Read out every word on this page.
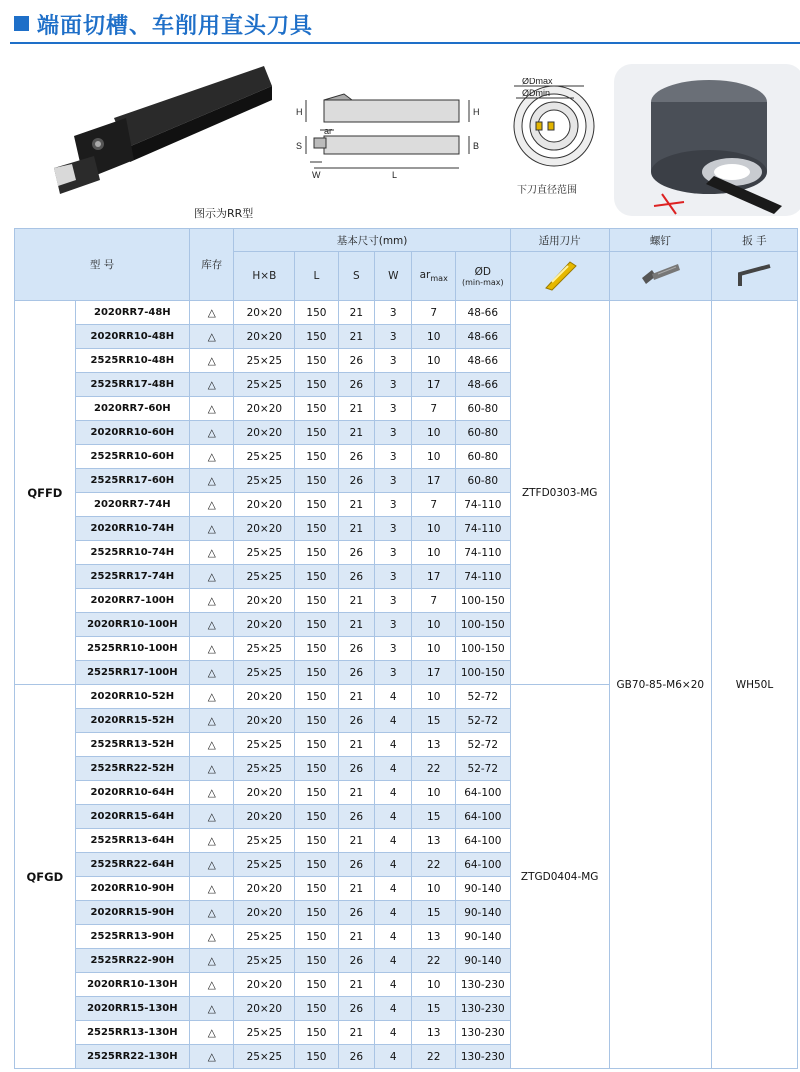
端面切槽、车削用直头刀具
图示为RR型
H	H
S	B
W	L
ar
ØDmax
ØDmin
下刀直径范围
型 号		库存	基本尺寸(mm)						适用刀片	螺钉	扳 手
			H×B	L	S	W	$ar_{max}$	ØD
(min-max)

QFFD	2020RR7-48H	△	20×20	150	21	3	7	48-66	ZTFD0303-MG	GB70-85-M6×20	WH50L
	2020RR10-48H	△	20×20	150	21	3	10	48-66			
	2525RR10-48H	△	25×25	150	26	3	10	48-66			
	2525RR17-48H	△	25×25	150	26	3	17	48-66			
	2020RR7-60H	△	20×20	150	21	3	7	60-80			
	2020RR10-60H	△	20×20	150	21	3	10	60-80			
	2525RR10-60H	△	25×25	150	26	3	10	60-80			
	2525RR17-60H	△	25×25	150	26	3	17	60-80			
	2020RR7-74H	△	20×20	150	21	3	7	74-110			
	2020RR10-74H	△	20×20	150	21	3	10	74-110			
	2525RR10-74H	△	25×25	150	26	3	10	74-110			
	2525RR17-74H	△	25×25	150	26	3	17	74-110			
	2020RR7-100H	△	20×20	150	21	3	7	100-150			
	2020RR10-100H	△	20×20	150	21	3	10	100-150			
	2525RR10-100H	△	25×25	150	26	3	10	100-150			
	2525RR17-100H	△	25×25	150	26	3	17	100-150			
QFGD	2020RR10-52H	△	20×20	150	21	4	10	52-72	ZTGD0404-MG		
	2020RR15-52H	△	20×20	150	26	4	15	52-72			
	2525RR13-52H	△	25×25	150	21	4	13	52-72			
	2525RR22-52H	△	25×25	150	26	4	22	52-72			
	2020RR10-64H	△	20×20	150	21	4	10	64-100			
	2020RR15-64H	△	20×20	150	26	4	15	64-100			
	2525RR13-64H	△	25×25	150	21	4	13	64-100			
	2525RR22-64H	△	25×25	150	26	4	22	64-100			
	2020RR10-90H	△	20×20	150	21	4	10	90-140			
	2020RR15-90H	△	20×20	150	26	4	15	90-140			
	2525RR13-90H	△	25×25	150	21	4	13	90-140			
	2525RR22-90H	△	25×25	150	26	4	22	90-140			
	2020RR10-130H	△	20×20	150	21	4	10	130-230			
	2020RR15-130H	△	20×20	150	26	4	15	130-230			
	2525RR13-130H	△	25×25	150	21	4	13	130-230			
	2525RR22-130H	△	25×25	150	26	4	22	130-230			
